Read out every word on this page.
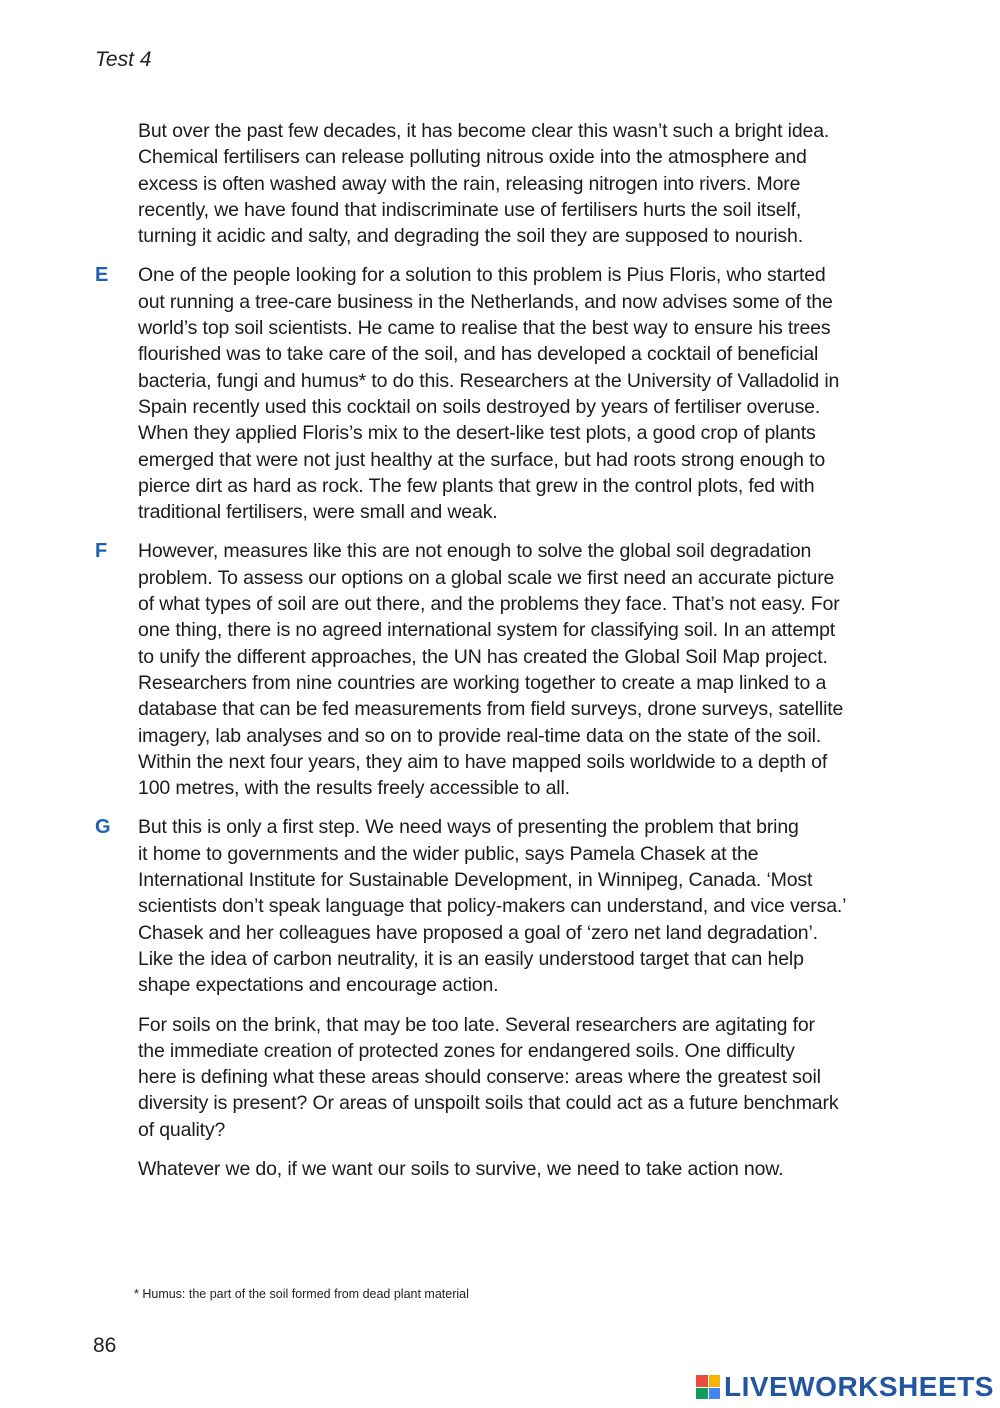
Test 4
But over the past few decades, it has become clear this wasn’t such a bright idea.
Chemical fertilisers can release polluting nitrous oxide into the atmosphere and
excess is often washed away with the rain, releasing nitrogen into rivers. More
recently, we have found that indiscriminate use of fertilisers hurts the soil itself,
turning it acidic and salty, and degrading the soil they are supposed to nourish.
E One of the people looking for a solution to this problem is Pius Floris, who started
out running a tree-care business in the Netherlands, and now advises some of the
world’s top soil scientists. He came to realise that the best way to ensure his trees
flourished was to take care of the soil, and has developed a cocktail of beneficial
bacteria, fungi and humus* to do this. Researchers at the University of Valladolid in
Spain recently used this cocktail on soils destroyed by years of fertiliser overuse.
When they applied Floris’s mix to the desert-like test plots, a good crop of plants
emerged that were not just healthy at the surface, but had roots strong enough to
pierce dirt as hard as rock. The few plants that grew in the control plots, fed with
traditional fertilisers, were small and weak.
F However, measures like this are not enough to solve the global soil degradation
problem. To assess our options on a global scale we first need an accurate picture
of what types of soil are out there, and the problems they face. That’s not easy. For
one thing, there is no agreed international system for classifying soil. In an attempt
to unify the different approaches, the UN has created the Global Soil Map project.
Researchers from nine countries are working together to create a map linked to a
database that can be fed measurements from field surveys, drone surveys, satellite
imagery, lab analyses and so on to provide real-time data on the state of the soil.
Within the next four years, they aim to have mapped soils worldwide to a depth of
100 metres, with the results freely accessible to all.
G But this is only a first step. We need ways of presenting the problem that bring
it home to governments and the wider public, says Pamela Chasek at the
International Institute for Sustainable Development, in Winnipeg, Canada. ‘Most
scientists don’t speak language that policy-makers can understand, and vice versa.’
Chasek and her colleagues have proposed a goal of ‘zero net land degradation’.
Like the idea of carbon neutrality, it is an easily understood target that can help
shape expectations and encourage action.
For soils on the brink, that may be too late. Several researchers are agitating for
the immediate creation of protected zones for endangered soils. One difficulty
here is defining what these areas should conserve: areas where the greatest soil
diversity is present? Or areas of unspoilt soils that could act as a future benchmark
of quality?
Whatever we do, if we want our soils to survive, we need to take action now.
* Humus: the part of the soil formed from dead plant material
86
LIVEWORKSHEETS
